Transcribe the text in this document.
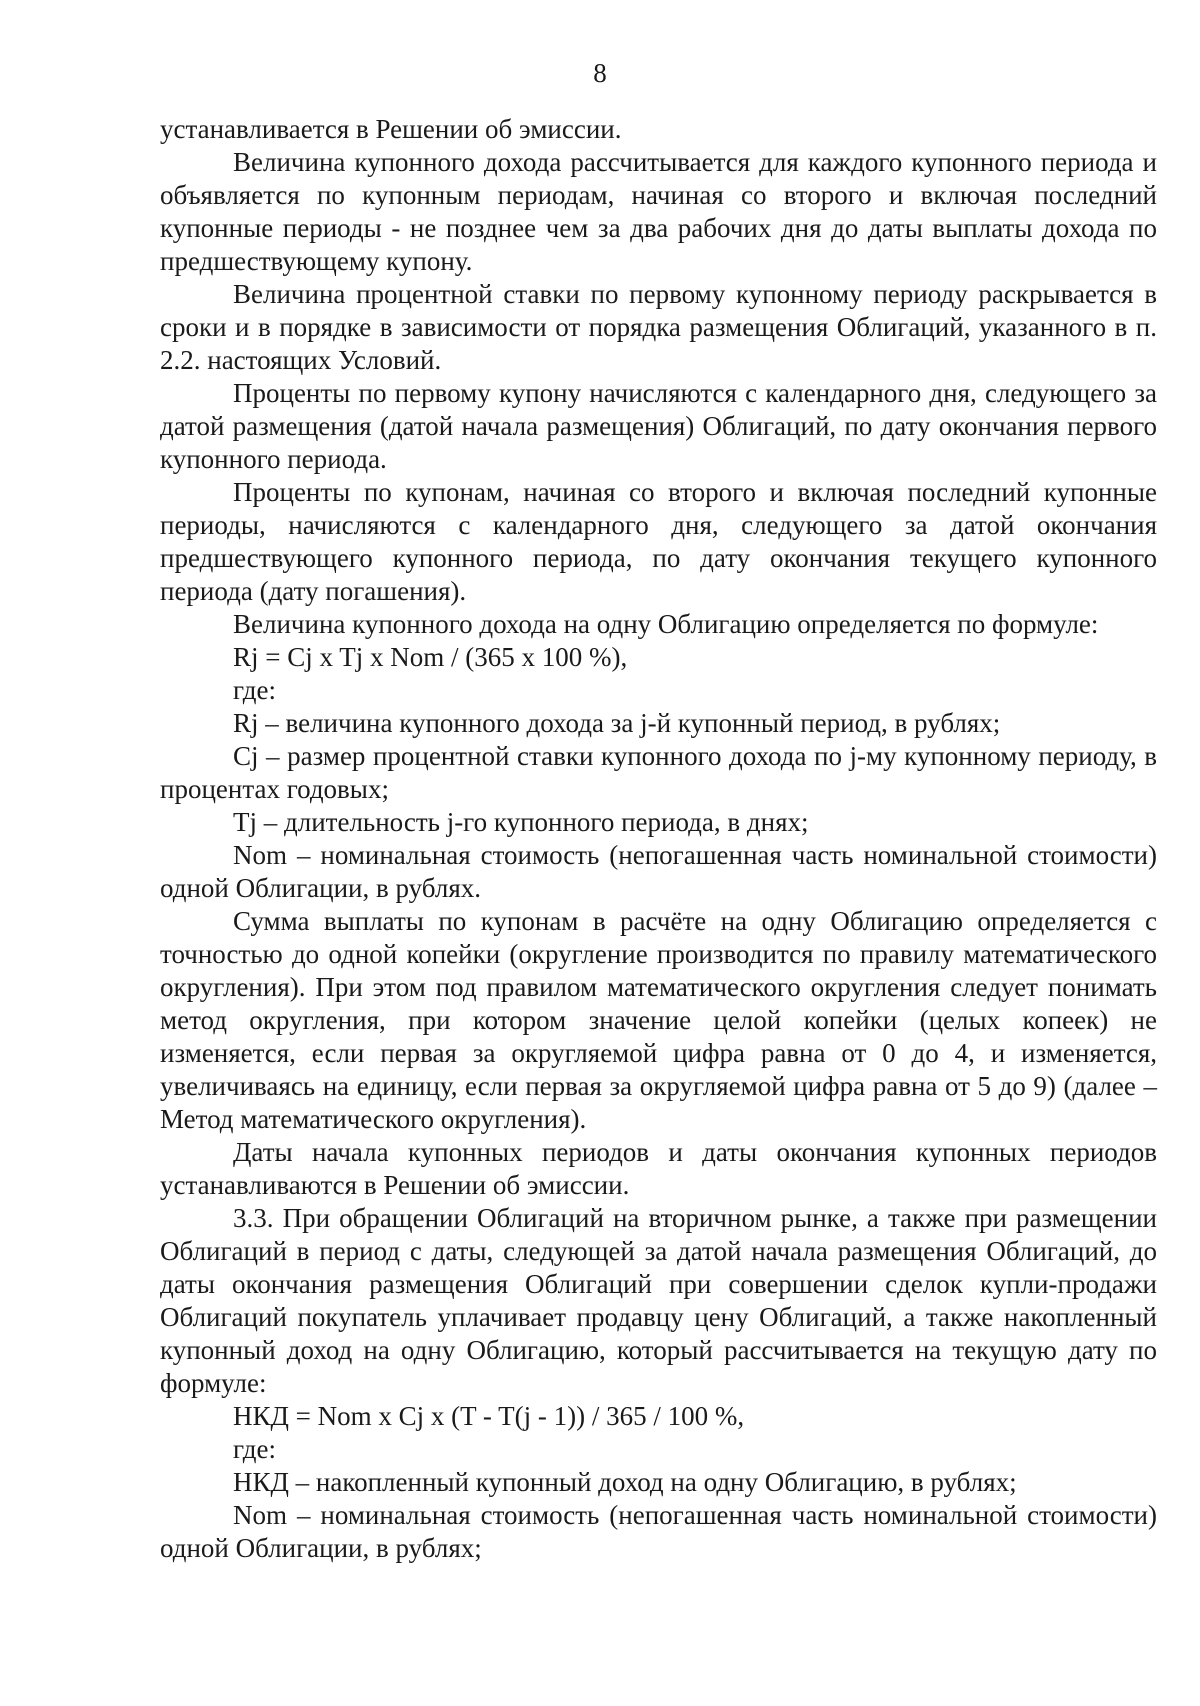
8

устанавливается в Решении об эмиссии.

Величина купонного дохода рассчитывается для каждого купонного периода и объявляется по купонным периодам, начиная со второго и включая последний купонные периоды - не позднее чем за два рабочих дня до даты выплаты дохода по предшествующему купону.

Величина процентной ставки по первому купонному периоду раскрывается в сроки и в порядке в зависимости от порядка размещения Облигаций, указанного в п. 2.2. настоящих Условий.

Проценты по первому купону начисляются с календарного дня, следующего за датой размещения (датой начала размещения) Облигаций, по дату окончания первого купонного периода.

Проценты по купонам, начиная со второго и включая последний купонные периоды, начисляются с календарного дня, следующего за датой окончания предшествующего купонного периода, по дату окончания текущего купонного периода (дату погашения).

Величина купонного дохода на одну Облигацию определяется по формуле:

Rj = Cj x Tj x Nom / (365 x 100 %),

где:

Rj – величина купонного дохода за j-й купонный период, в рублях;

Cj – размер процентной ставки купонного дохода по j-му купонному периоду, в процентах годовых;

Tj – длительность j-го купонного периода, в днях;

Nom – номинальная стоимость (непогашенная часть номинальной стоимости) одной Облигации, в рублях.

Сумма выплаты по купонам в расчёте на одну Облигацию определяется с точностью до одной копейки (округление производится по правилу математического округления). При этом под правилом математического округления следует понимать метод округления, при котором значение целой копейки (целых копеек) не изменяется, если первая за округляемой цифра равна от 0 до 4, и изменяется, увеличиваясь на единицу, если первая за округляемой цифра равна от 5 до 9) (далее – Метод математического округления).

Даты начала купонных периодов и даты окончания купонных периодов устанавливаются в Решении об эмиссии.

3.3. При обращении Облигаций на вторичном рынке, а также при размещении Облигаций в период с даты, следующей за датой начала размещения Облигаций, до даты окончания размещения Облигаций при совершении сделок купли-продажи Облигаций покупатель уплачивает продавцу цену Облигаций, а также накопленный купонный доход на одну Облигацию, который рассчитывается на текущую дату по формуле:

НКД = Nom x Cj x (T - T(j - 1)) / 365 / 100 %,

где:

НКД – накопленный купонный доход на одну Облигацию, в рублях;

Nom – номинальная стоимость (непогашенная часть номинальной стоимости) одной Облигации, в рублях;
